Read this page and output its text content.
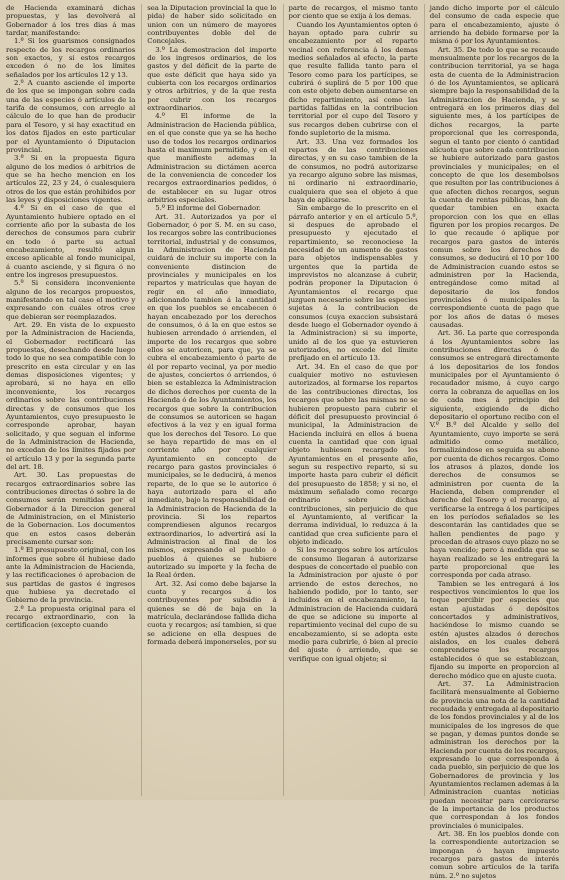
de Hacienda examinará dichas propuestas, y las devolverá al Gobernador á los tres dias á mas tardar, manifestando:

1.º Si los guarismos consignados respecto de los recargos ordinarios son exactos, y si estos recargos exceden ó no de los límites señalados por los artículos 12 y 13.

2.º A cuanto asciende el importe de los que se impongan sobre cada una de las especies ó artículos de la tarifa de consumos, con arreglo al cálculo de lo que han de producir para el Tesoro, y si hay exactitud en los datos fijados en este particular por el Ayuntamiento ó Diputacion provincial.

3.º Si en la propuesta figura alguno de los medios ó arbitrios de que se ha hecho mencion en los artículos 22, 23 y 24, ó cualesquiera otros de los que están prohibidos por las leyes y disposiciones vigentes.

4.º Si en el caso de que el Ayuntamiento hubiere optado en el corriente año por la subasta de los derechos de consumos para cubrir en todo ó parte su actual encabezamiento, resultó algun exceso aplicable al fondo municipal, á cuanto asciende, y si figura ó no entre los ingresos presupuestos.

5.º Si considera inconveniente alguno de los recargos propuestos, manifestando en tal caso el motivo y expresando con cuáles otros cree que debieran ser reemplazados.

Art. 29. En vista de lo expuesto por la Administracion de Hacienda, el Gobernador rectificará las propuestas, desechando desde luego todo lo que no sea compatible con lo prescrito en esta circular y en las demas disposiciones vigentes; y aprobará, si no haya en ello inconveniente, los recargos ordinarios sobre las contribuciones directas y de consumos que los Ayuntamientos, cuyo presupuesto le corresponde aprobar, hayan solicitado, y que seguan el informe de la Administracion de Hacienda, no excedan de los límites fijados por el artículo 13 y por la segunda parte del art. 18.

Art. 30. Las propuestas de recargos extraordinarios sobre las contribuciones directas ó sobre la de consumos serán remitidas por el Gobernador á la Direccion general de Administracion, en el Ministerio de la Gobernacion. Los documentos que en estos casos deberán precisamente cursar son:

1.º El presupuesto original, con los informes que sobre él hubiese dado ante la Administracion de Hacienda, y las rectificaciones ó aprobacion de sus partidas de gastos é ingresos que hubiese ya decretado el Gobierno de la provincia.

2.º La propuesta original para el recargo extraordinario, con la certificacion (excepto cuando

sea la Diputacion provincial la que lo pida) de haber sido solicitado en union con un número de mayores contribuyentes doble del de Concejales.

3.º La demostracion del importe de los ingresos ordinarios, de los gastos y del déficit de la parte de que este déficit que haya sido ya cubierta con los recargos ordinarios y otros arbitrios, y de la que resta por cubrir con los recargos extraordinarios.

4.º El informe de la Administracion de Hacienda pública, en el que conste que ya se ha hecho uso de todos los recargos ordinarios hasta el maximum permitido, y en el que manifieste ademas la Administracion su dictámen acerca de la conveniencia de conceder los recargos extraordinarios pedidos, ó de establecer en su lugar otros arbitrios especiales.

5.º El informe del Gobernador.

Art. 31. Autorizados ya por el Gobernador, ó por S. M. en su caso, los recargos sobre las contribuciones territorial, industrial y de consumos, la Administracion de Hacienda cuidará de incluir su importe con la conveniente distincion de provinciales y municipales en los repartos y matrículas que hayan de regir en el año inmediato, adicionando tambien á la cantidad en que los pueblos se encabecen ó hayan encabezado por los derechos de consumos, ó á la en que estos se hubiesen arrendado ó arrienden, el importe de los recargos que sobre ellos se autoricen, para que, ya se cubra el encabezamiento ó parte de él por reparto vecinal, ya por medio de ajustes, conciertos ó arriendos, ó bien se establezca la Administracion de dichos derechos por cuenta de la Hacienda ó de los Ayuntamientos, los recargos que sobre la contribucion de consumos se autoricen se hagan efectivos á la vez y en igual forma que los derechos del Tesoro. Lo que se haya repartido de mas en el corriente año por cualquier Ayuntamiento en concepto de recargo para gastos provinciales ó municipales, se le deducirá, á menos reparte, de lo que se le autorice ó haya autorizado para el año inmediato, bajo la responsabilidad de la Administracion de Hacienda de la provincia. Si los repartos comprendiesen algunos recargos extraordinarios, lo advertirá así la Administracion al final de los mismos, expresando el pueblo ó pueblos á quienes se hubiere autorizado su importe y la fecha de la Real órden.

Art. 32. Así como debe bajarse la cuota y recargos á los contribuyentes por subsidio á quienes se dé de baja en la matrícula, declarándose fallida dicha cuota y recargos; así tambien, si que se adicione en ella despues de formada deberá imponerseles, por su

parte de recargos, el mismo tanto por ciento que se exija á los demas.

Cuando los Ayuntamientos opten ó hayan optado para cubrir su encabezamiento por el reparto vecinal con referencia á los demas medios señalados al efecto, la parte que resulte fallida tanto para el Tesoro como para los partícipes, se cubrirá ó suplirá de 5 por 100 que con este objeto deben aumentarse en dicho repartimiento, así como las partidas fallidas en la contribucion territorial por el cupo del Tesoro y sus recargos deben cubrirse con el fondo supletorio de la misma.

Art. 33. Una vez formados los repartos de las contribuciones directas, y en su caso tambien de la de consumos, no podrá autorizarse ya recargo alguno sobre las mismas, ni ordinario ni extraordinario, cualquiera que sea el objeto á que haya de aplicarse.

Sin embargo de lo prescrito en el párrafo anterior y en el artículo 5.º, si despues de aprobado el presupuesto y ejecutado el repartimiento, se reconociese la necesidad de un aumento de gastos para objetos indispensables y urgentes que la partida de imprevistos no alcanzase á cubrir, podrán proponer la Diputacion ó Ayuntamientos el recargo que juzguen necesario sobre las especies sujetas á la contribucion de consumos (cuya exaccion subsistará desde luego el Gobernador oyendo á la Administracion) si su importe, unido al de los que ya estuvieren autorizados, no excede del límite prefijado en el artículo 13.

Art. 34. En el caso de que por cualquier motivo no estuviesen autorizados, al formarse los repartos de las contribuciones directas, los recargos que sobre las mismas no se hubieren propuesto para cubrir el déficit del presupuesto provincial ó municipal, la Administracion de Hacienda incluirá en ellos á buena cuenta la cantidad que con igual objeto hubiesen recargado los Ayuntamientos en el presente año, segun su respectivo reparto, si su importe hasta para cubrir el déficit del presupuesto de 1858; y si no, el máximum señalado como recargo ordinario sobre dichas contribuciones, sin perjuicio de que el Ayuntamiento, al verificar la derrama individual, lo reduzca á la cantidad que crea suficiente para el objeto indicado.

Si los recargos sobre los artículos de consumo llegaran á autorizarse despues de concertado el pueblo con la Administracion por ajuste ó por arriendo de estos derechos, no habiendo podido, por lo tanto, ser incluidos en el encabezamiento, la Administracion de Hacienda cuidará de que se adicione su importe al repartimiento vecinal del cupo de su encabezamiento, si se adopta este medio para cubrirle, ó bien al precio del ajuste ó arriendo, que se verifique con igual objeto; si

jando dicho importe por el cálculo del consumo de cada especie que para el encabezamiento, ajuste ó arriendo ha debido formarse por la misma ó por los Ayuntamientos.

Art. 35. De todo lo que se recaude mensualmente por los recargos de la contribucion territorial, ya se haga esta de cuenta de la Administracion ó de los Ayuntamientos, se aplicará siempre bajo la responsabilidad de la Administracion de Hacienda, y se entregará en los primeros dias del siguiente mes, á los partícipes de dichos recargos, la parte proporcional que les corresponda, segun el tanto por ciento ó cantidad alícuota que sobre cada contribucion se hubiere autorizado para gastos provinciales y municipales; en el concepto de que los desembolsos que resulten por las contribuciones á que afecten dichos recargos, segun la cuenta de rentas públicas, han de quedar tambien en exacta proporcion con los que en ellas figuren por los propios recargos. De lo que recaude ó aplique por recargos para gastos de interés comun sobre los derechos de consumos, se deducirá el 10 por 100 de Administracion cuando estos se administren por la Hacienda, entregándose como mitad al depositario de los fondos provinciales ó municipales la correspondiente cuota de pago que por los años de datas ó meses causadas.

Art. 36. La parte que corresponda á los Ayuntamientos sobre las contribuciones directas ó de consumos se entregará directamente á los depositarios de los fondos municipales por el Ayuntamiento ó recaudador mismo, á cuyo cargo corra la cobranza de aquellas en los de cada mes á principio del siguiente, exigiendo de dicho depositario el oportuno recibo con el V.º B.º del Alcalde y sello del Ayuntamiento, cuyo importe se será admitido como metálico, formalizándose en seguida su abono por cuenta de dichos recargos. Como los atrasos á plazos, donde los derechos de consumos se administren por cuenta de la Hacienda, deben comprender el derecho del Tesoro y el recargo, al verificarse la entrega á los partícipes en los períodos señalados se les descontarán las cantidades que se hallen pendientes de pago y procedan de atrasos cuyo plazo no se haya vencido; pero á medida que se hayan realizado se les entregará la parte proporcional que les corresponda por cada atraso.

Tambien se les entregará á los respectivos vencimientos lo que los toque percibir por especies que estan ajustadas ó depósitos concertados y administrativos, haciéndose lo mismo cuando se estén ajustes alzados ó derechos aislados, en los cuales deberá comprenderse los recargos establecidos ó que se establezcan, fijando su importe en proporcion al derecho módico que en ajuste cuota.

Art. 37. La Administracion facilitará mensualmente al Gobierno de provincia una nota de la cantidad recaudada y entregada al depositario de los fondos provinciales y al de los municipales de los ingresos de que se pagan, y demas puntos donde se administran los derechos por la Hacienda por cuenta de los recargos, expresando lo que corresponda á cada pueblo, sin perjuicio de que los Gobernadores de provincia y los Ayuntamientos reclamen ademas á la Administracion cuantas noticias puedan necesitar para cerciorarse de la importancia de los productos que correspondan á los fondos provinciales ó municipales.

Art. 38. En los pueblos donde con la correspondiente autorizacion se impongan ó hayan impuesto recargos para gastos de interés comun sobre artículos de la tarifa núm. 2.º no sujetos
